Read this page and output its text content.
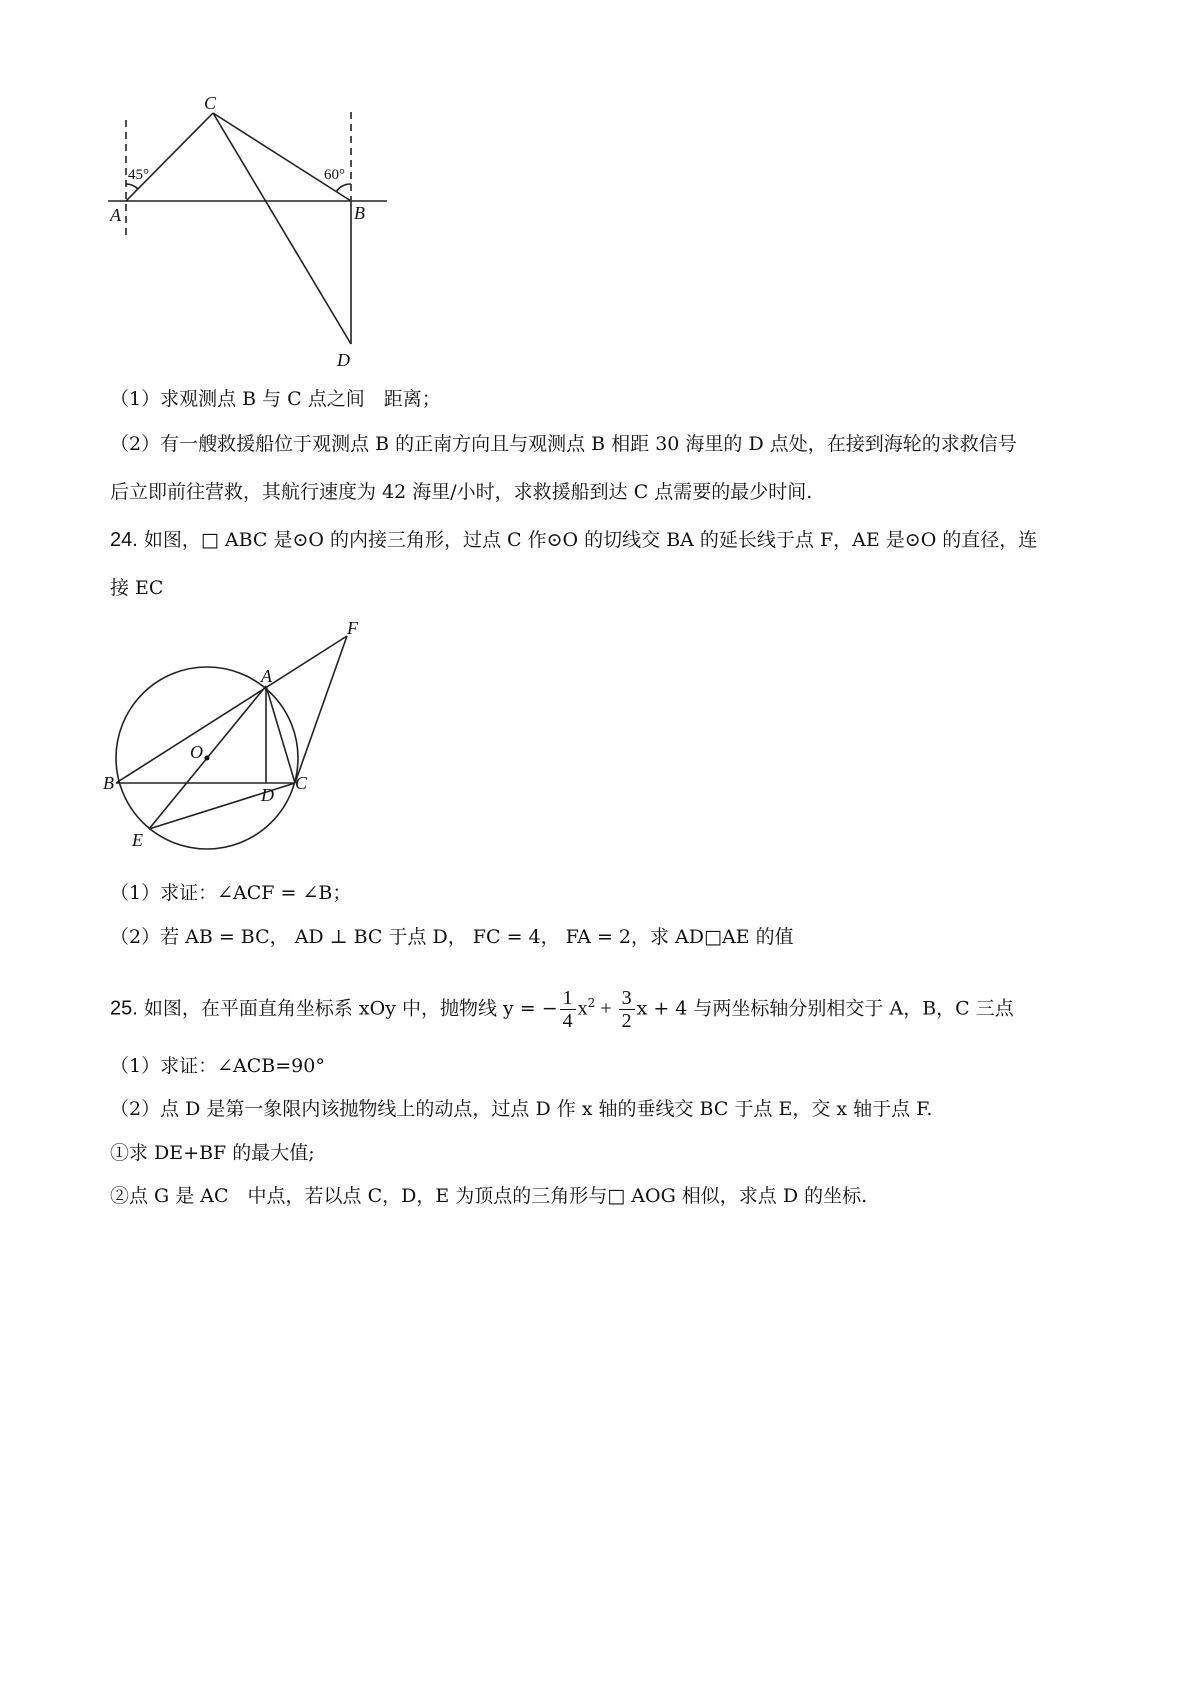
C
A	B
D
45°	60°
（1）求观测点 B 与 C 点之间　距离；
（2）有一艘救援船位于观测点 B 的正南方向且与观测点 B 相距 30 海里的 D 点处，在接到海轮的求救信号
后立即前往营救，其航行速度为 42 海里/小时，求救援船到达 C 点需要的最少时间.
24. 如图，□ ABC 是⊙O 的内接三角形，过点 C 作⊙O 的切线交 BA 的延长线于点 F，AE 是⊙O 的直径，连
接 EC
F
A
O
B	C
D
E
（1）求证：∠ACF = ∠B；
（2）若 AB = BC， AD ⊥ BC 于点 D， FC = 4， FA = 2，求 AD□AE 的值
25. 如图，在平面直角坐标系 xOy 中，抛物线 y = − $\frac{1}{4} x^2 + \frac{3}{2}$ x + 4 与两坐标轴分别相交于 A，B，C 三点
（1）求证：∠ACB=90°
（2）点 D 是第一象限内该抛物线上的动点，过点 D 作 x 轴的垂线交 BC 于点 E，交 x 轴于点 F.
①求 DE+BF 的最大值;
②点 G 是 AC　中点，若以点 C，D，E 为顶点的三角形与□ AOG 相似，求点 D 的坐标.
